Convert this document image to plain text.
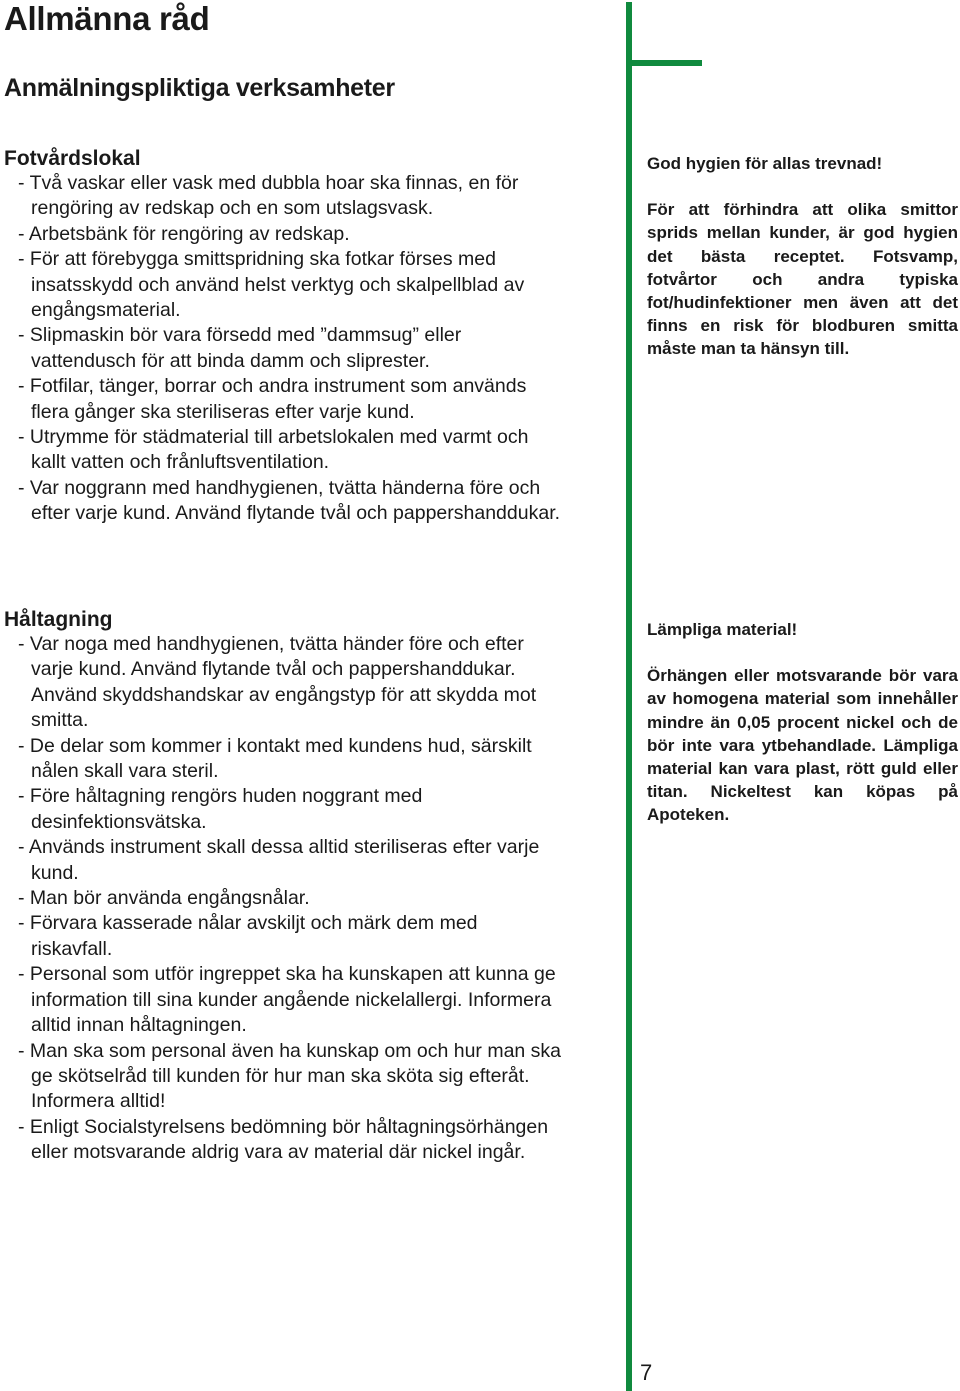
Allmänna råd
Anmälningspliktiga verksamheter
Fotvårdslokal
- Två vaskar eller vask med dubbla hoar ska finnas, en för rengöring av redskap och en som utslagsvask.
- Arbetsbänk för rengöring av redskap.
- För att förebygga smittspridning ska fotkar förses med insatsskydd och använd helst verktyg och skalpellblad av engångsmaterial.
- Slipmaskin bör vara försedd med ”dammsug” eller vattendusch för att binda damm och sliprester.
- Fotfilar, tänger, borrar och andra instrument som används flera gånger ska steriliseras efter varje kund.
- Utrymme för städmaterial till arbetslokalen med varmt och kallt vatten och frånluftsventilation.
- Var noggrann med handhygienen, tvätta händerna före och efter varje kund. Använd flytande tvål och pappershanddukar.

God hygien för allas trevnad!

För att förhindra att olika smittor sprids mellan kunder, är god hygien det bästa receptet. Fotsvamp, fotvårtor och andra typiska fot/hudinfektioner men även att det finns en risk för blodburen smitta måste man ta hänsyn till.

Håltagning
- Var noga med handhygienen, tvätta händer före och efter varje kund. Använd flytande tvål och pappershanddukar. Använd skyddshandskar av engångstyp för att skydda mot smitta.
- De delar som kommer i kontakt med kundens hud, särskilt nålen skall vara steril.
- Före håltagning rengörs huden noggrant med desinfektionsvätska.
- Används instrument skall dessa alltid steriliseras efter varje kund.
- Man bör använda engångsnålar.
- Förvara kasserade nålar avskiljt och märk dem med riskavfall.
- Personal som utför ingreppet ska ha kunskapen att kunna ge information till sina kunder angående nickelallergi. Informera alltid innan håltagningen.
- Man ska som personal även ha kunskap om och hur man ska ge skötselråd till kunden för hur man ska sköta sig efteråt. Informera alltid!
- Enligt Socialstyrelsens bedömning bör håltagningsörhängen eller motsvarande aldrig vara av material där nickel ingår.

Lämpliga material!

Örhängen eller motsvarande bör vara av homogena material som innehåller mindre än 0,05 procent nickel och de bör inte vara ytbehandlade. Lämpliga material kan vara plast, rött guld eller titan. Nickeltest kan köpas på Apoteken.

7
